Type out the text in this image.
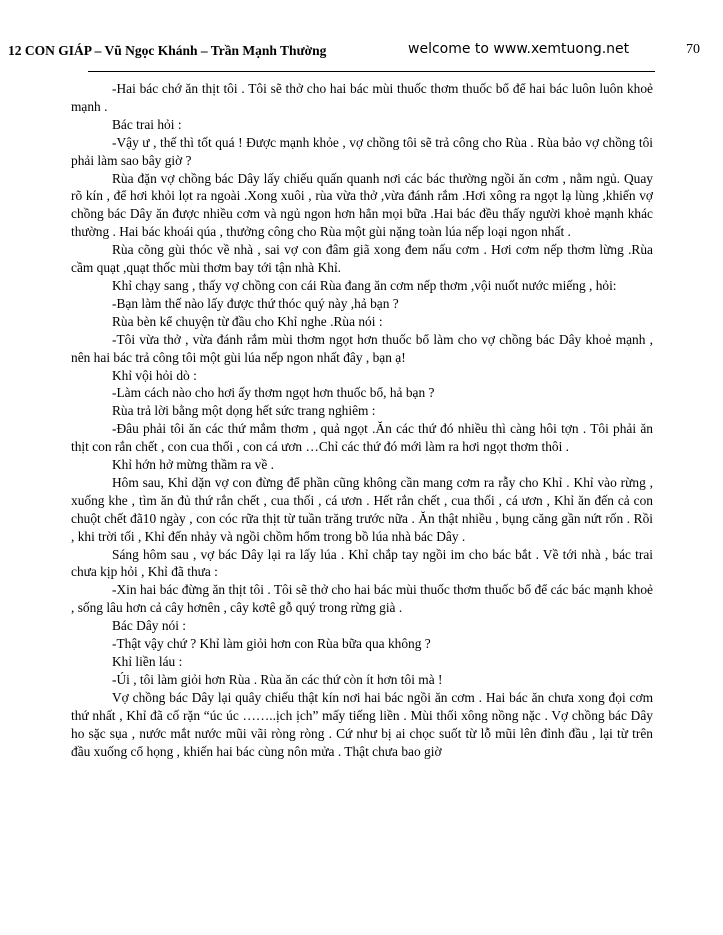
12 CON GIÁP – Vũ Ngọc Khánh – Trần Mạnh Thường	welcome to www.xemtuong.net	70

-Hai bác chớ ăn thịt tôi . Tôi sẽ thở cho hai bác mùi thuốc thơm thuốc bổ để hai bác luôn luôn khoẻ mạnh .

Bác trai hỏi :

-Vậy ư , thế thì tốt quá ! Được mạnh khỏe , vợ chồng tôi sẽ trả công cho Rùa . Rùa bảo vợ chồng tôi phải làm sao bây giờ ?

Rùa đặn vợ chồng bác Dây lấy chiếu quấn quanh nơi các bác thường ngồi ăn cơm , nằm ngủ. Quay rõ kín , để hơi khỏi lọt ra ngoài .Xong xuôi , rùa vừa thở ,vừa đánh rắm .Hơi xông ra ngọt lạ lùng ,khiến vợ chồng bác Dây ăn được nhiều cơm và ngủ ngon hơn hẳn mọi bữa .Hai bác đều thấy người khoẻ mạnh khác thường . Hai bác khoái qúa , thưởng công cho Rùa một gùi nặng toàn lúa nếp loại ngon nhất .

Rùa cõng gùi thóc về nhà , sai vợ con đâm giã xong đem nấu cơm . Hơi cơm nếp thơm lừng .Rùa cầm quạt ,quạt thốc mùi thơm bay tới tận nhà Khỉ.

Khỉ chạy sang , thấy vợ chồng con cái Rùa đang ăn cơm nếp thơm ,vội nuốt nước miếng , hỏi:

-Bạn làm thế nào lấy được thứ thóc quý này ,hả bạn ?

Rùa bèn kể chuyện từ đầu cho Khỉ nghe .Rùa nói :

-Tôi vừa thở , vừa đánh rắm mùi thơm ngọt hơn thuốc bổ làm cho vợ chồng bác Dây khoẻ mạnh , nên hai bác trả công tôi một gùi lúa nếp ngon nhất đây , bạn ạ!

Khỉ vội hỏi dò :

-Làm cách nào cho hơi ấy thơm ngọt hơn thuốc bổ, hả bạn ?

Rùa trả lời bằng một dọng hết sức trang nghiêm :

-Đâu phải tôi ăn các thứ mắm thơm , quả ngọt .Ăn các thứ đó nhiều thì càng hôi tợn . Tôi phải ăn thịt con rắn chết , con cua thối , con cá ươn …Chỉ các thứ đó mới làm ra hơi ngọt thơm thôi .

Khỉ hớn hở mừng thầm ra về .

Hôm sau, Khỉ dặn vợ con đừng để phần cũng không cần mang cơm ra rẫy cho Khỉ . Khỉ vào rừng , xuống khe , tìm ăn đủ thứ rắn chết , cua thối , cá ươn . Hết rắn chết , cua thối , cá ươn , Khỉ ăn đến cả con chuột chết đã10 ngày , con cóc rữa thịt từ tuần trăng trước nữa . Ăn thật nhiều , bụng căng gần nứt rốn . Rồi , khi trời tối , Khỉ đến nhảy và ngồi chồm hổm trong bồ lúa nhà bác Dây .

Sáng hôm sau , vợ bác Dây lại ra lấy lúa . Khỉ chắp tay ngồi im cho bác bắt . Về tới nhà , bác trai chưa kịp hỏi , Khỉ đã thưa :

-Xin hai bác đừng ăn thịt tôi . Tôi sẽ thở cho hai bác mùi thuốc thơm thuốc bổ để các bác mạnh khoẻ , sống lâu hơn cả cây hơnên , cây kơtê gỗ quý trong rừng già .

Bác Dây nói :

-Thật vậy chứ ? Khỉ làm giỏi hơn con Rùa bữa qua không ?

Khỉ liền láu :

-Úi , tôi làm giỏi hơn Rùa . Rùa ăn các thứ còn ít hơn tôi mà !

Vợ chồng bác Dây lại quây chiếu thật kín nơi hai bác ngồi ăn cơm . Hai bác ăn chưa xong đọi cơm thứ nhất , Khỉ đã cố rặn “úc úc ……..ịch ịch” mấy tiếng liền . Mùi thối xông nồng nặc . Vợ chồng bác Dây ho sặc sụa , nước mắt nước mũi vãi ròng ròng . Cứ như bị ai chọc suốt từ lỗ mũi lên đỉnh đầu , lại từ trên đầu xuống cổ họng , khiến hai bác cùng nôn mửa . Thật chưa bao giờ
